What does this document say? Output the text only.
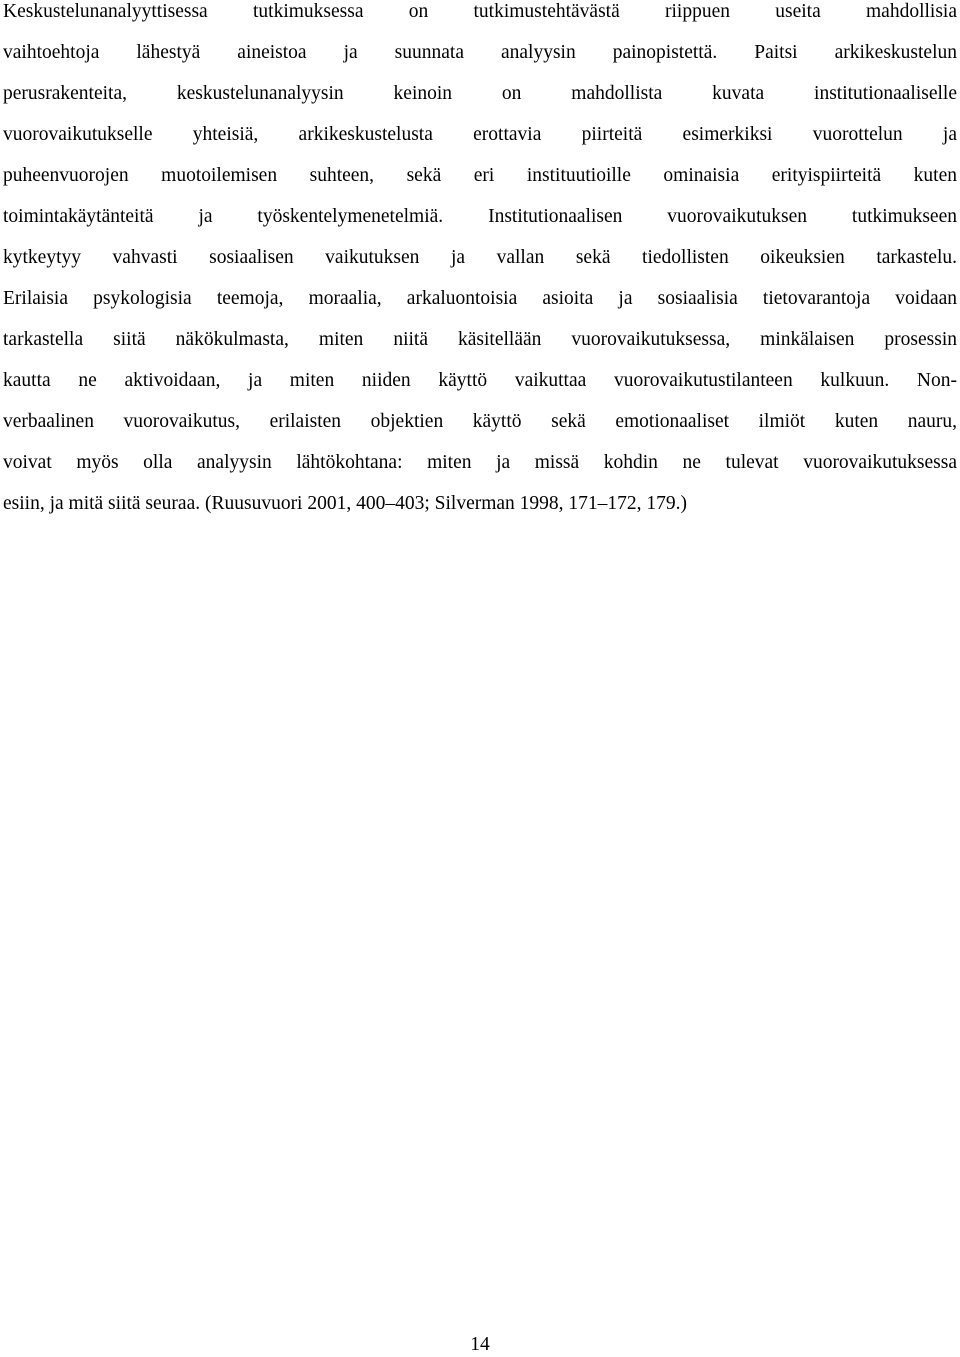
Keskustelunanalyyttisessa tutkimuksessa on tutkimustehtävästä riippuen useita mahdollisia
vaihtoehtoja lähestyä aineistoa ja suunnata analyysin painopistettä. Paitsi arkikeskustelun
perusrakenteita, keskustelunanalyysin keinoin on mahdollista kuvata institutionaaliselle
vuorovaikutukselle yhteisiä, arkikeskustelusta erottavia piirteitä esimerkiksi vuorottelun ja
puheenvuorojen muotoilemisen suhteen, sekä eri instituutioille ominaisia erityispiirteitä kuten
toimintakäytänteitä ja työskentelymenetelmiä. Institutionaalisen vuorovaikutuksen tutkimukseen
kytkeytyy vahvasti sosiaalisen vaikutuksen ja vallan sekä tiedollisten oikeuksien tarkastelu.
Erilaisia psykologisia teemoja, moraalia, arkaluontoisia asioita ja sosiaalisia tietovarantoja voidaan
tarkastella siitä näkökulmasta, miten niitä käsitellään vuorovaikutuksessa, minkälaisen prosessin
kautta ne aktivoidaan, ja miten niiden käyttö vaikuttaa vuorovaikutustilanteen kulkuun. Non-
verbaalinen vuorovaikutus, erilaisten objektien käyttö sekä emotionaaliset ilmiöt kuten nauru,
voivat myös olla analyysin lähtökohtana: miten ja missä kohdin ne tulevat vuorovaikutuksessa
esiin, ja mitä siitä seuraa. (Ruusuvuori 2001, 400–403; Silverman 1998, 171–172, 179.)
14
